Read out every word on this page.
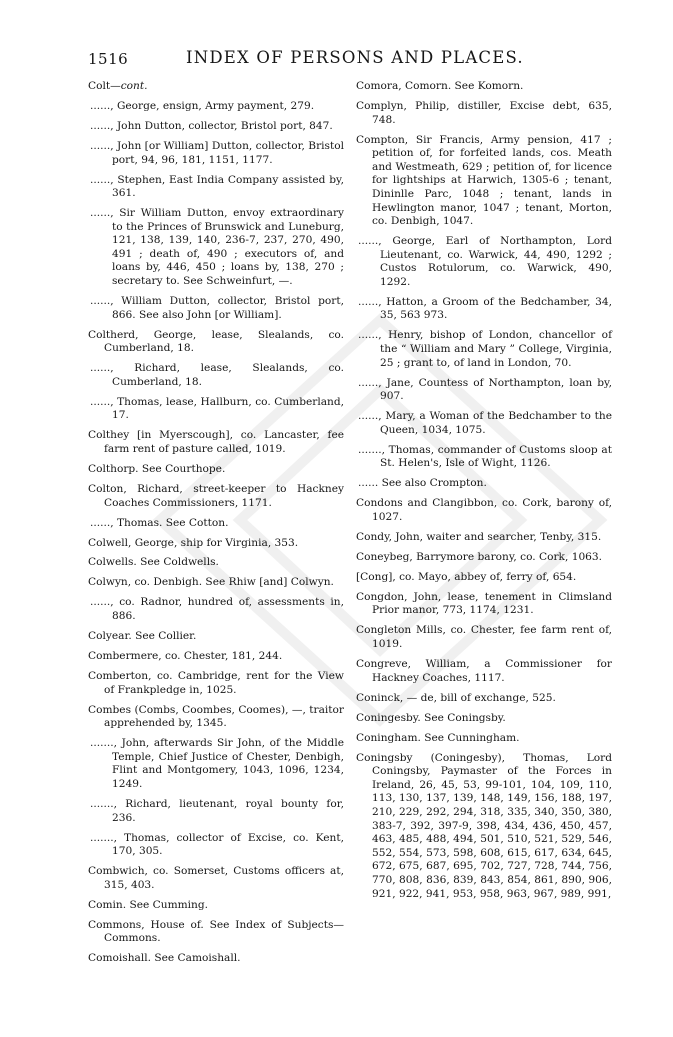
1516	INDEX OF PERSONS AND PLACES.
Colt—cont.
......, George, ensign, Army payment, 279.
......, John Dutton, collector, Bristol port, 847.
......, John [or William] Dutton, collector, Bristol port, 94, 96, 181, 1151, 1177.
......, Stephen, East India Company assisted by, 361.
......, Sir William Dutton, envoy extraordinary to the Princes of Brunswick and Luneburg, 121, 138, 139, 140, 236-7, 237, 270, 490, 491 ; death of, 490 ; executors of, and loans by, 446, 450 ; loans by, 138, 270 ; secretary to. See Schweinfurt, —.
......, William Dutton, collector, Bristol port, 866. See also John [or William].
Coltherd, George, lease, Slealands, co. Cumberland, 18.
......, Richard, lease, Slealands, co. Cumberland, 18.
......, Thomas, lease, Hallburn, co. Cumberland, 17.
Colthey [in Myerscough], co. Lancaster, fee farm rent of pasture called, 1019.
Colthorp. See Courthope.
Colton, Richard, street-keeper to Hackney Coaches Commissioners, 1171.
......, Thomas. See Cotton.
Colwell, George, ship for Virginia, 353.
Colwells. See Coldwells.
Colwyn, co. Denbigh. See Rhiw [and] Colwyn.
......, co. Radnor, hundred of, assessments in, 886.
Colyear. See Collier.
Combermere, co. Chester, 181, 244.
Comberton, co. Cambridge, rent for the View of Frankpledge in, 1025.
Combes (Combs, Coombes, Coomes), —, traitor apprehended by, 1345.
......., John, afterwards Sir John, of the Middle Temple, Chief Justice of Chester, Denbigh, Flint and Montgomery, 1043, 1096, 1234, 1249.
......., Richard, lieutenant, royal bounty for, 236.
......., Thomas, collector of Excise, co. Kent, 170, 305.
Combwich, co. Somerset, Customs officers at, 315, 403.
Comin. See Cumming.
Commons, House of. See Index of Subjects—Commons.
Comoishall. See Camoishall.
Comora, Comorn. See Komorn.
Complyn, Philip, distiller, Excise debt, 635, 748.
Compton, Sir Francis, Army pension, 417 ; petition of, for forfeited lands, cos. Meath and Westmeath, 629 ; petition of, for licence for lightships at Harwich, 1305-6 ; tenant, Dininlle Parc, 1048 ; tenant, lands in Hewlington manor, 1047 ; tenant, Morton, co. Denbigh, 1047.
......, George, Earl of Northampton, Lord Lieutenant, co. Warwick, 44, 490, 1292 ; Custos Rotulorum, co. Warwick, 490, 1292.
......, Hatton, a Groom of the Bedchamber, 34, 35, 563 973.
......, Henry, bishop of London, chancellor of the “ William and Mary ” College, Virginia, 25 ; grant to, of land in London, 70.
......, Jane, Countess of Northampton, loan by, 907.
......, Mary, a Woman of the Bedchamber to the Queen, 1034, 1075.
......., Thomas, commander of Customs sloop at St. Helen's, Isle of Wight, 1126.
...... See also Crompton.
Condons and Clangibbon, co. Cork, barony of, 1027.
Condy, John, waiter and searcher, Tenby, 315.
Coneybeg, Barrymore barony, co. Cork, 1063.
[Cong], co. Mayo, abbey of, ferry of, 654.
Congdon, John, lease, tenement in Climsland Prior manor, 773, 1174, 1231.
Congleton Mills, co. Chester, fee farm rent of, 1019.
Congreve, William, a Commissioner for Hackney Coaches, 1117.
Coninck, — de, bill of exchange, 525.
Coningesby. See Coningsby.
Coningham. See Cunningham.
Coningsby (Coningesby), Thomas, Lord Coningsby, Paymaster of the Forces in Ireland, 26, 45, 53, 99-101, 104, 109, 110, 113, 130, 137, 139, 148, 149, 156, 188, 197, 210, 229, 292, 294, 318, 335, 340, 350, 380, 383-7, 392, 397-9, 398, 434, 436, 450, 457, 463, 485, 488, 494, 501, 510, 521, 529, 546, 552, 554, 573, 598, 608, 615, 617, 634, 645, 672, 675, 687, 695, 702, 727, 728, 744, 756, 770, 808, 836, 839, 843, 854, 861, 890, 906, 921, 922, 941, 953, 958, 963, 967, 989, 991,
